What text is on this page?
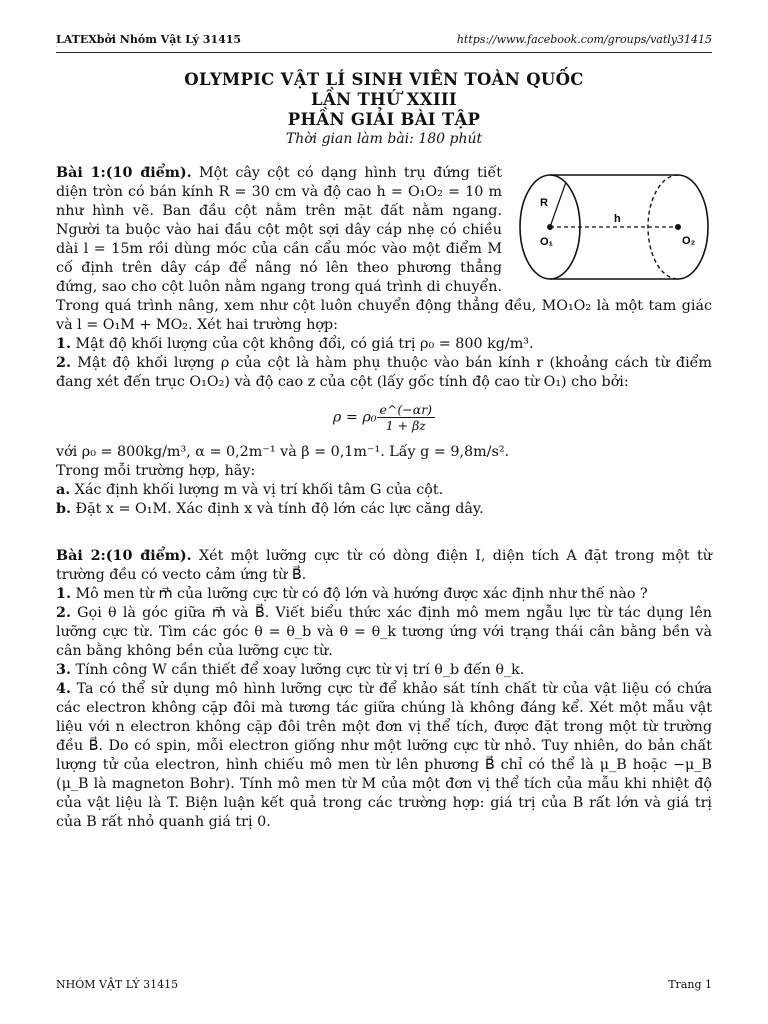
LATEXbởi Nhóm Vật Lý 31415	https://www.facebook.com/groups/vatly31415
OLYMPIC VẬT LÍ SINH VIÊN TOÀN QUỐC
LẦN THỨ XXIII
PHẦN GIẢI BÀI TẬP
Thời gian làm bài: 180 phút
R
h
O₁	O₂

Bài 1:(10 điểm). Một cây cột có dạng hình trụ đứng tiết diện tròn có bán kính R = 30 cm và độ cao h = O₁O₂ = 10 m như hình vẽ. Ban đầu cột nằm trên mặt đất nằm ngang. Người ta buộc vào hai đầu cột một sợi dây cáp nhẹ có chiều dài l = 15m rồi dùng móc của cần cẩu móc vào một điểm M cố định trên dây cáp để nâng nó lên theo phương thẳng đứng, sao cho cột luôn nằm ngang trong quá trình di chuyển. Trong quá trình nâng, xem như cột luôn chuyển động thẳng đều, MO₁O₂ là một tam giác và l = O₁M + MO₂. Xét hai trường hợp:

1. Mật độ khối lượng của cột không đổi, có giá trị ρ₀ = 800 kg/m³.

2. Mật độ khối lượng ρ của cột là hàm phụ thuộc vào bán kính r (khoảng cách từ điểm đang xét đến trục O₁O₂) và độ cao z của cột (lấy gốc tính độ cao từ O₁) cho bởi:

$\rho = \rho_0 \frac{e\^{}(-\alpha r)}{1 + \beta z}$

với ρ₀ = 800kg/m³, α = 0,2m⁻¹ và β = 0,1m⁻¹. Lấy g = 9,8m/s².

Trong mỗi trường hợp, hãy:

a. Xác định khối lượng m và vị trí khối tâm G của cột.

b. Đặt x = O₁M. Xác định x và tính độ lớn các lực căng dây.

Bài 2:(10 điểm). Xét một lưỡng cực từ có dòng điện I, diện tích A đặt trong một từ trường đều có vecto cảm ứng từ B⃗.

1. Mô men từ m⃗ của lưỡng cực từ có độ lớn và hướng được xác định như thế nào ?

2. Gọi θ là góc giữa m⃗ và B⃗. Viết biểu thức xác định mô mem ngẫu lực từ tác dụng lên lưỡng cực từ. Tìm các góc θ = θ_b và θ = θ_k tương ứng với trạng thái cân bằng bền và cân bằng không bền của lưỡng cực từ.

3. Tính công W cần thiết để xoay lưỡng cực từ vị trí θ_b đến θ_k.

4. Ta có thể sử dụng mô hình lưỡng cực từ để khảo sát tính chất từ của vật liệu có chứa các electron không cặp đôi mà tương tác giữa chúng là không đáng kể. Xét một mẫu vật liệu với n electron không cặp đôi trên một đơn vị thể tích, được đặt trong một từ trường đều B⃗. Do có spin, mỗi electron giống như một lưỡng cực từ nhỏ. Tuy nhiên, do bản chất lượng tử của electron, hình chiếu mô men từ lên phương B⃗ chỉ có thể là μ_B hoặc −μ_B (μ_B là magneton Bohr). Tính mô men từ M của một đơn vị thể tích của mẫu khi nhiệt độ của vật liệu là T. Biện luận kết quả trong các trường hợp: giá trị của B rất lớn và giá trị của B rất nhỏ quanh giá trị 0.

NHÓM VẬT LÝ 31415	Trang 1
